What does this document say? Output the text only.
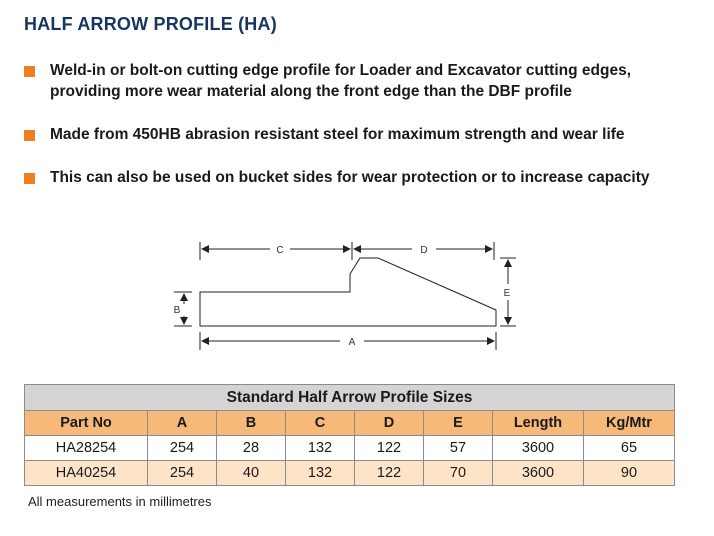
HALF ARROW PROFILE (HA)
Weld-in or bolt-on cutting edge profile for Loader and Excavator cutting edges,
providing more wear material along the front edge than the DBF profile
Made from 450HB abrasion resistant steel for maximum strength and wear life
This can also be used on bucket sides for wear protection or to increase capacity
C	D
A
E
B
Standard Half Arrow Profile Sizes							
Part No	A	B	C	D	E	Length	Kg/Mtr
HA28254	254	28	132	122	57	3600	65
HA40254	254	40	132	122	70	3600	90
All measurements in millimetres
